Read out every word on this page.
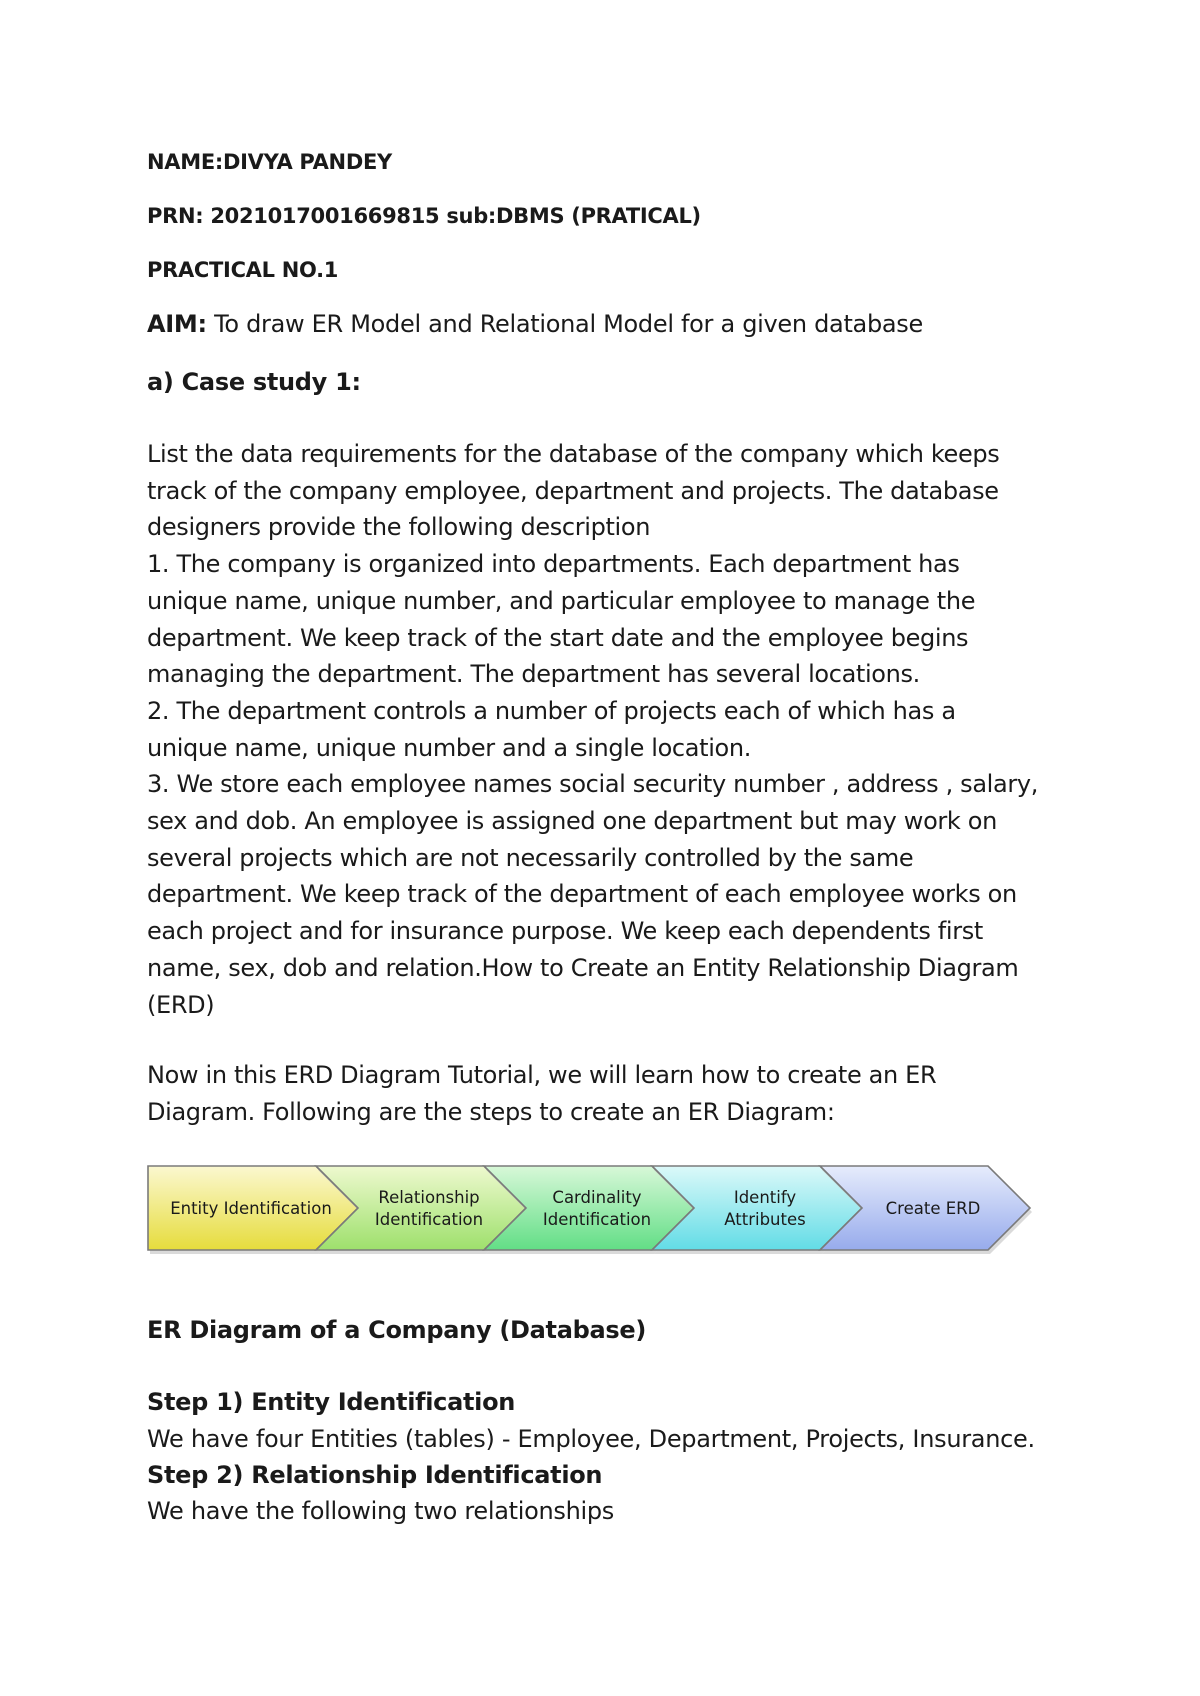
NAME:DIVYA PANDEY
PRN: 2021017001669815 sub:DBMS (PRATICAL)
PRACTICAL NO.1
AIM: To draw ER Model and Relational Model for a given database
a) Case study 1:
List the data requirements for the database of the company which keeps
track of the company employee, department and projects. The database
designers provide the following description
1. The company is organized into departments. Each department has
unique name, unique number, and particular employee to manage the
department. We keep track of the start date and the employee begins
managing the department. The department has several locations.
2. The department controls a number of projects each of which has a
unique name, unique number and a single location.
3. We store each employee names social security number , address , salary,
sex and dob. An employee is assigned one department but may work on
several projects which are not necessarily controlled by the same
department. We keep track of the department of each employee works on
each project and for insurance purpose. We keep each dependents first
name, sex, dob and relation.How to Create an Entity Relationship Diagram
(ERD)
Now in this ERD Diagram Tutorial, we will learn how to create an ER
Diagram. Following are the steps to create an ER Diagram:
Entity Identification
Relationship
Identification
Cardinality
Identification
Identify
Attributes
Create ERD
ER Diagram of a Company (Database)
Step 1) Entity Identification
We have four Entities (tables) - Employee, Department, Projects, Insurance.
Step 2) Relationship Identification
We have the following two relationships
